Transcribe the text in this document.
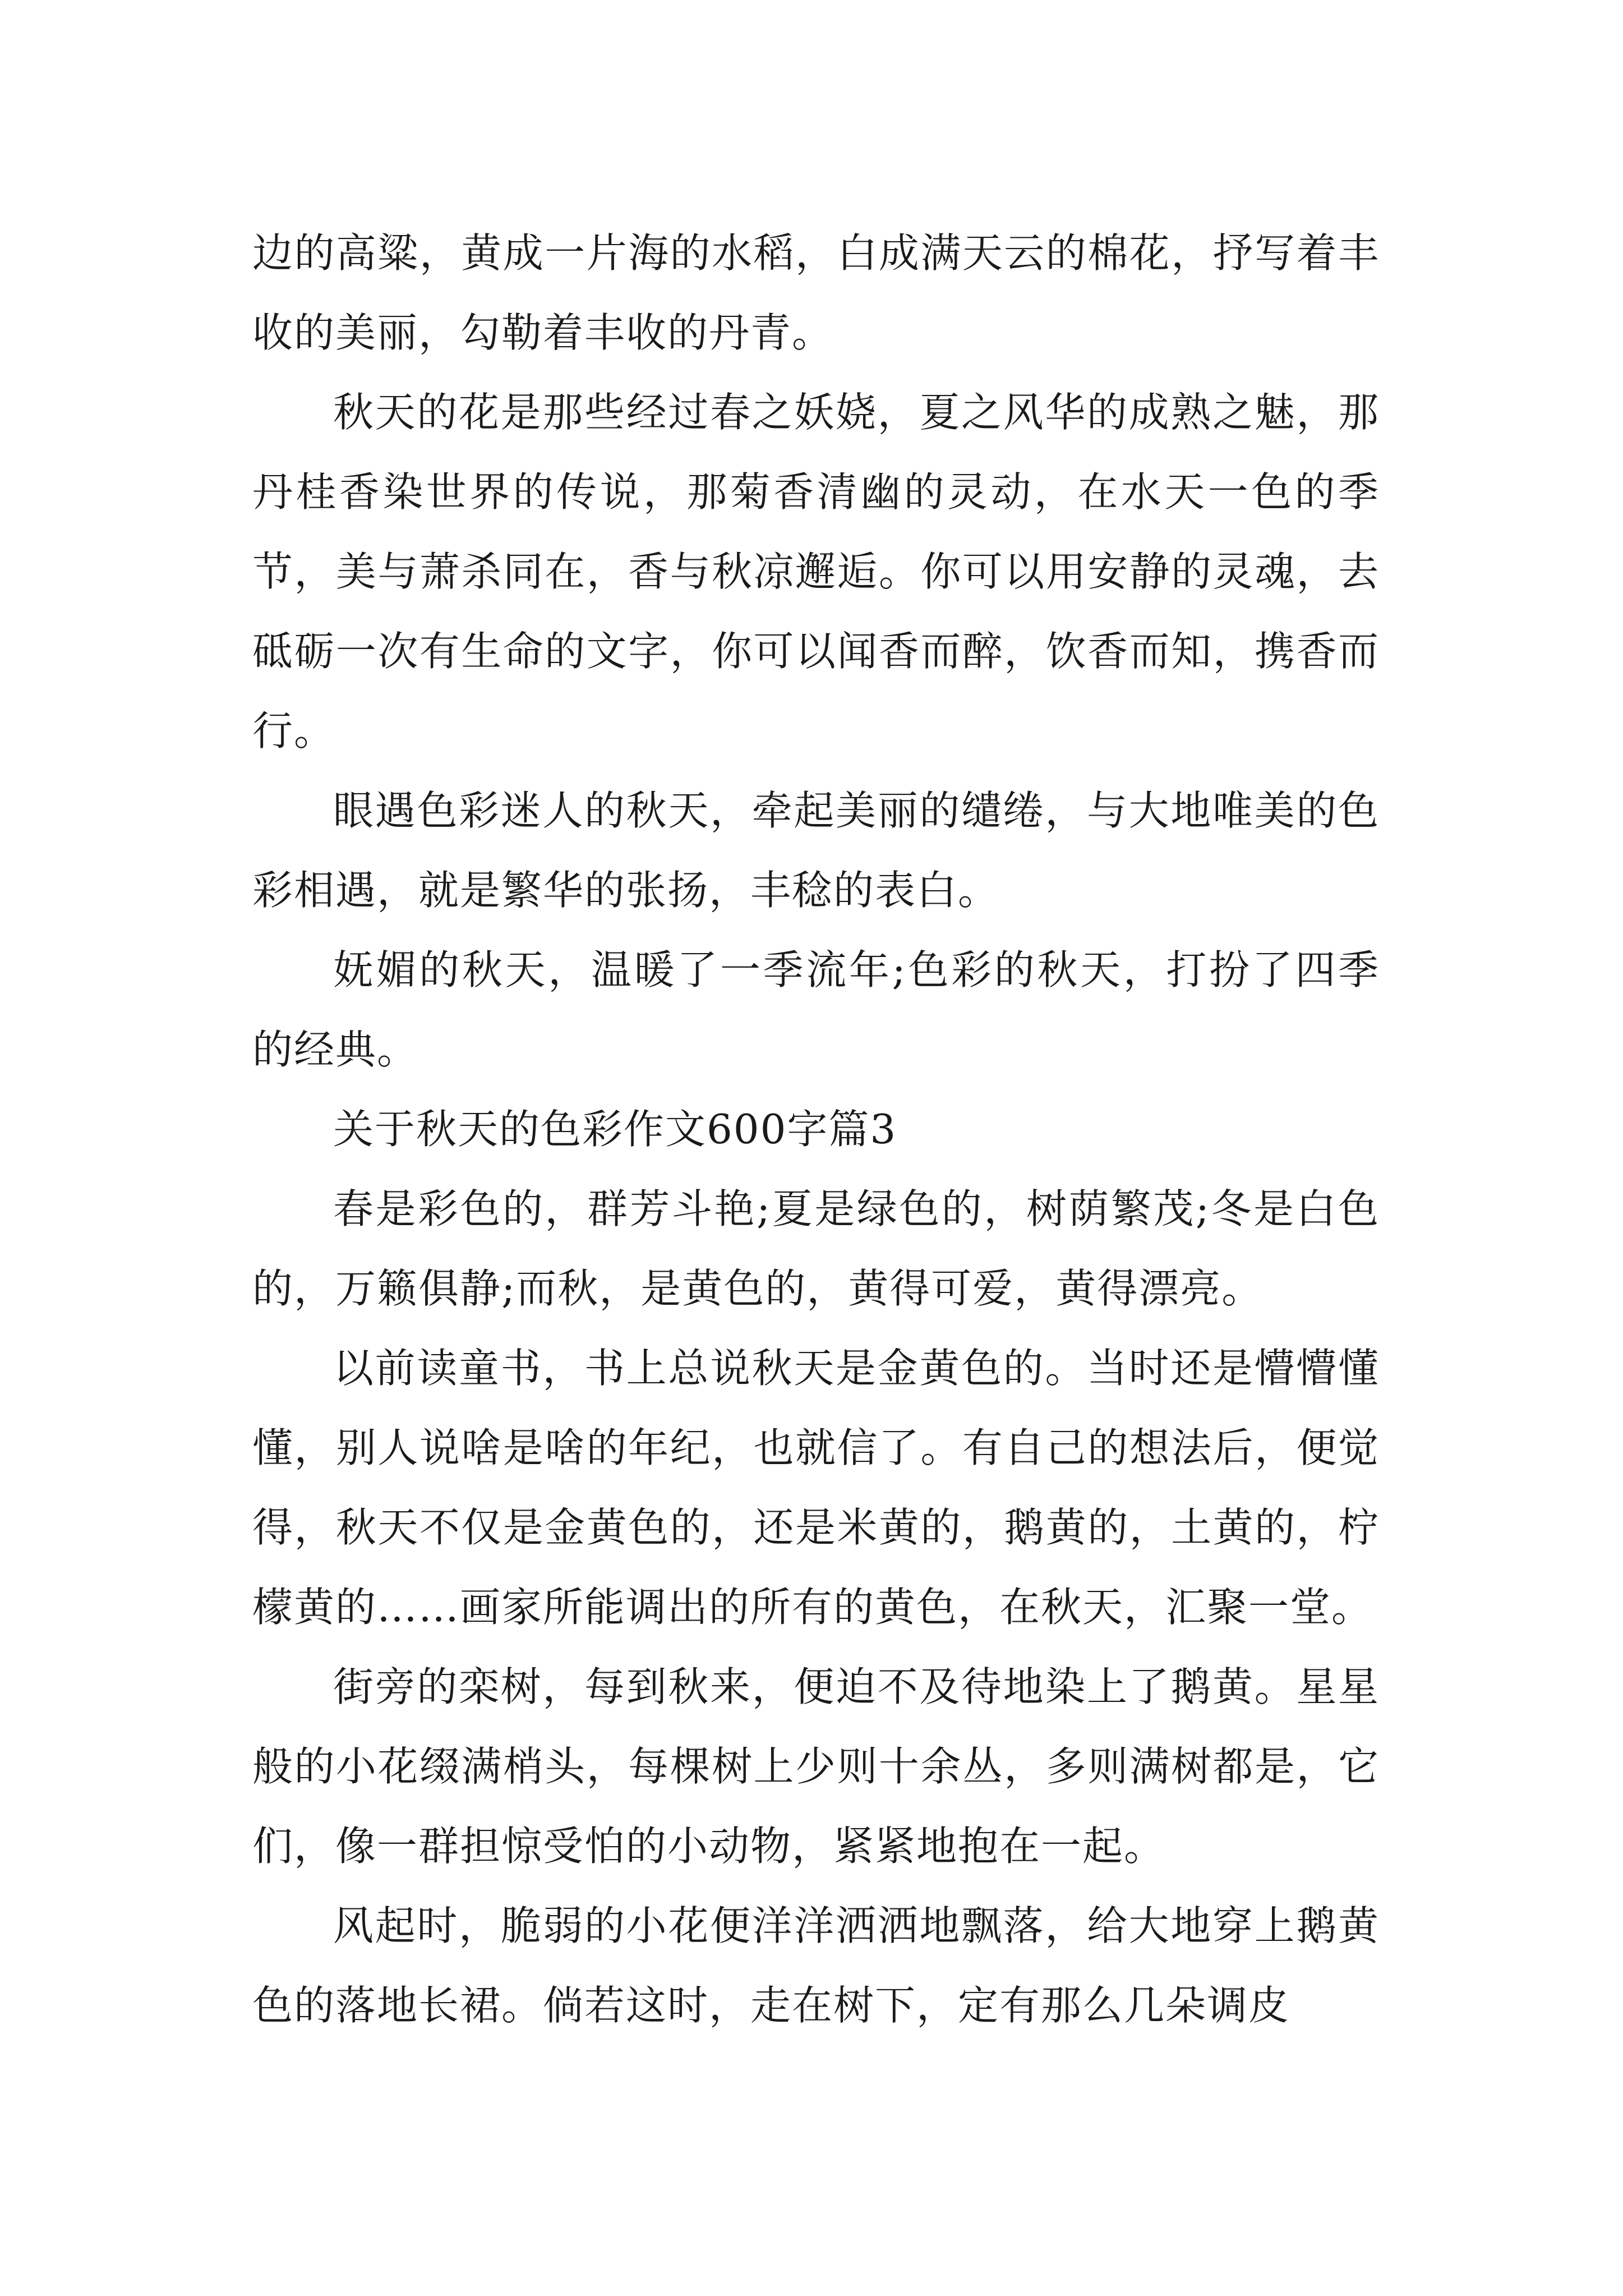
边的高粱，黄成一片海的水稻，白成满天云的棉花，抒写着丰收的美丽，勾勒着丰收的丹青。

秋天的花是那些经过春之妖娆，夏之风华的成熟之魅，那丹桂香染世界的传说，那菊香清幽的灵动，在水天一色的季节，美与萧杀同在，香与秋凉邂逅。你可以用安静的灵魂，去砥砺一次有生命的文字，你可以闻香而醉，饮香而知，携香而行。

眼遇色彩迷人的秋天，牵起美丽的缱绻，与大地唯美的色彩相遇，就是繁华的张扬，丰稔的表白。

妩媚的秋天，温暖了一季流年;色彩的秋天，打扮了四季的经典。

关于秋天的色彩作文600字篇3

春是彩色的，群芳斗艳;夏是绿色的，树荫繁茂;冬是白色的，万籁俱静;而秋，是黄色的，黄得可爱，黄得漂亮。

以前读童书，书上总说秋天是金黄色的。当时还是懵懵懂懂，别人说啥是啥的年纪，也就信了。有自己的想法后，便觉得，秋天不仅是金黄色的，还是米黄的，鹅黄的，土黄的，柠檬黄的……画家所能调出的所有的黄色，在秋天，汇聚一堂。

街旁的栾树，每到秋来，便迫不及待地染上了鹅黄。星星般的小花缀满梢头，每棵树上少则十余丛，多则满树都是，它们，像一群担惊受怕的小动物，紧紧地抱在一起。

风起时，脆弱的小花便洋洋洒洒地飘落，给大地穿上鹅黄色的落地长裙。倘若这时，走在树下，定有那么几朵调皮
